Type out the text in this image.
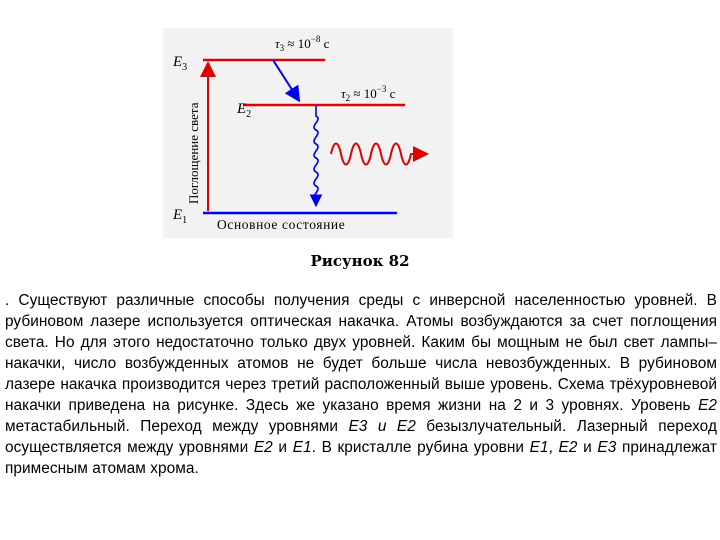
$E_3$
$E_2$
$E_1$
Поглощение света
$\tau_3 \approx 10^{-8}$ с
$\tau_2 \approx 10^{-3}$ с
Основное состояние
Рисунок 82

. Существуют различные способы получения среды с инверсной населенностью уровней. В рубиновом лазере используется оптическая накачка. Атомы возбуждаются за счет поглощения света. Но для этого недостаточно только двух уровней. Каким бы мощным не был свет лампы–накачки, число возбужденных атомов не будет больше числа невозбужденных. В рубиновом лазере накачка производится через третий расположенный выше уровень. Схема трёхуровневой накачки приведена на рисунке. Здесь же указано время жизни на 2 и 3 уровнях. Уровень E2 метастабильный. Переход между уровнями E3 и E2 безызлучательный. Лазерный переход осуществляется между уровнями E2 и E1. В кристалле рубина уровни E1, E2 и E3 принадлежат примесным атомам хрома.
